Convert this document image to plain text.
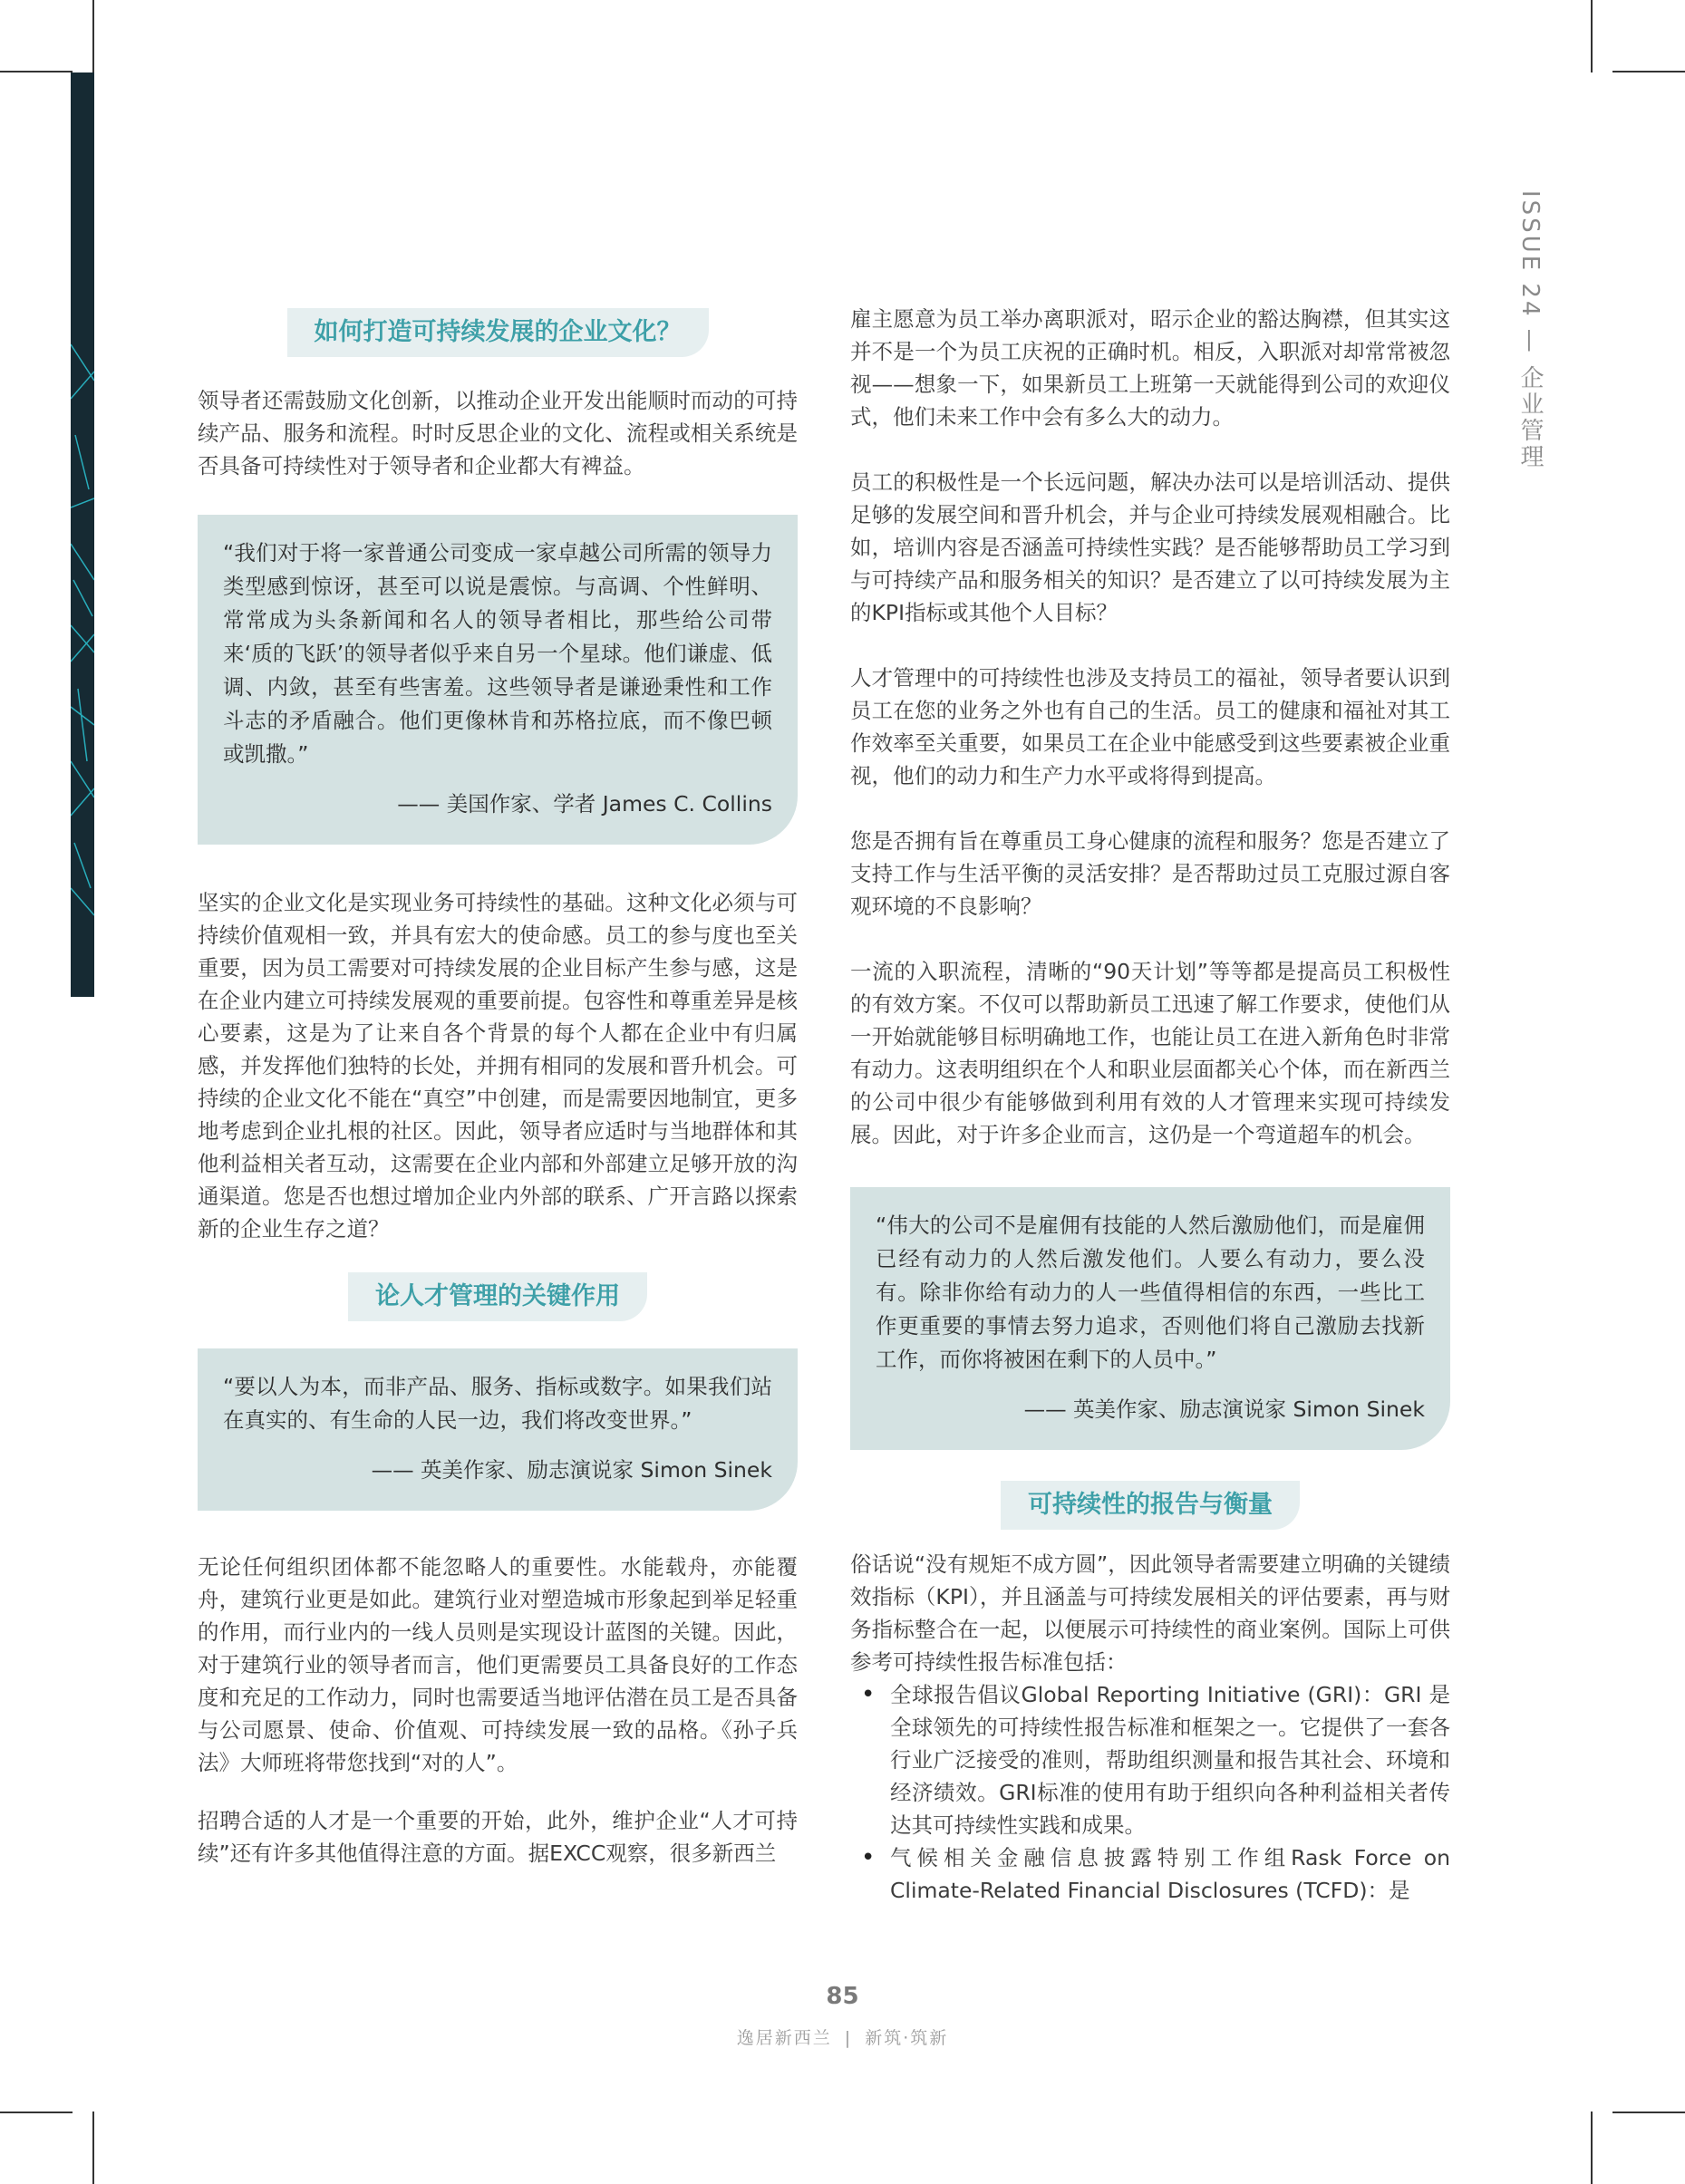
ISSUE 24 — 企业管理
如何打造可持续发展的企业文化？

领导者还需鼓励文化创新，以推动企业开发出能顺时而动的可持续产品、服务和流程。时时反思企业的文化、流程或相关系统是否具备可持续性对于领导者和企业都大有裨益。

“我们对于将一家普通公司变成一家卓越公司所需的领导力类型感到惊讶，甚至可以说是震惊。与高调、个性鲜明、常常成为头条新闻和名人的领导者相比，那些给公司带来‘质的飞跃’的领导者似乎来自另一个星球。他们谦虚、低调、内敛，甚至有些害羞。这些领导者是谦逊秉性和工作斗志的矛盾融合。他们更像林肯和苏格拉底，而不像巴顿或凯撒。”

—— 美国作家、学者 James C. Collins

坚实的企业文化是实现业务可持续性的基础。这种文化必须与可持续价值观相一致，并具有宏大的使命感。员工的参与度也至关重要，因为员工需要对可持续发展的企业目标产生参与感，这是在企业内建立可持续发展观的重要前提。包容性和尊重差异是核心要素，这是为了让来自各个背景的每个人都在企业中有归属感，并发挥他们独特的长处，并拥有相同的发展和晋升机会。可持续的企业文化不能在“真空”中创建，而是需要因地制宜，更多地考虑到企业扎根的社区。因此，领导者应适时与当地群体和其他利益相关者互动，这需要在企业内部和外部建立足够开放的沟通渠道。您是否也想过增加企业内外部的联系、广开言路以探索新的企业生存之道？

论人才管理的关键作用

“要以人为本，而非产品、服务、指标或数字。如果我们站在真实的、有生命的人民一边，我们将改变世界。”

—— 英美作家、励志演说家 Simon Sinek

无论任何组织团体都不能忽略人的重要性。水能载舟，亦能覆舟，建筑行业更是如此。建筑行业对塑造城市形象起到举足轻重的作用，而行业内的一线人员则是实现设计蓝图的关键。因此，对于建筑行业的领导者而言，他们更需要员工具备良好的工作态度和充足的工作动力，同时也需要适当地评估潜在员工是否具备与公司愿景、使命、价值观、可持续发展一致的品格。《孙子兵法》大师班将带您找到“对的人”。

招聘合适的人才是一个重要的开始，此外，维护企业“人才可持续”还有许多其他值得注意的方面。据EXCC观察，很多新西兰

雇主愿意为员工举办离职派对，昭示企业的豁达胸襟，但其实这并不是一个为员工庆祝的正确时机。相反，入职派对却常常被忽视——想象一下，如果新员工上班第一天就能得到公司的欢迎仪式，他们未来工作中会有多么大的动力。

员工的积极性是一个长远问题，解决办法可以是培训活动、提供足够的发展空间和晋升机会，并与企业可持续发展观相融合。比如，培训内容是否涵盖可持续性实践？是否能够帮助员工学习到与可持续产品和服务相关的知识？是否建立了以可持续发展为主的KPI指标或其他个人目标？

人才管理中的可持续性也涉及支持员工的福祉，领导者要认识到员工在您的业务之外也有自己的生活。员工的健康和福祉对其工作效率至关重要，如果员工在企业中能感受到这些要素被企业重视，他们的动力和生产力水平或将得到提高。

您是否拥有旨在尊重员工身心健康的流程和服务？您是否建立了支持工作与生活平衡的灵活安排？是否帮助过员工克服过源自客观环境的不良影响？

一流的入职流程，清晰的“90天计划”等等都是提高员工积极性的有效方案。不仅可以帮助新员工迅速了解工作要求，使他们从一开始就能够目标明确地工作，也能让员工在进入新角色时非常有动力。这表明组织在个人和职业层面都关心个体，而在新西兰的公司中很少有能够做到利用有效的人才管理来实现可持续发展。因此，对于许多企业而言，这仍是一个弯道超车的机会。

“伟大的公司不是雇佣有技能的人然后激励他们，而是雇佣已经有动力的人然后激发他们。人要么有动力，要么没有。除非你给有动力的人一些值得相信的东西，一些比工作更重要的事情去努力追求，否则他们将自己激励去找新工作，而你将被困在剩下的人员中。”

—— 英美作家、励志演说家 Simon Sinek

可持续性的报告与衡量

俗话说“没有规矩不成方圆”，因此领导者需要建立明确的关键绩效指标（KPI），并且涵盖与可持续发展相关的评估要素，再与财务指标整合在一起，以便展示可持续性的商业案例。国际上可供参考可持续性报告标准包括：

• 全球报告倡议Global Reporting Initiative (GRI)：GRI 是全球领先的可持续性报告标准和框架之一。它提供了一套各行业广泛接受的准则，帮助组织测量和报告其社会、环境和经济绩效。GRI标准的使用有助于组织向各种利益相关者传达其可持续性实践和成果。
• 气候相关金融信息披露特别工作组Rask Force on Climate-Related Financial Disclosures (TCFD)：是
85
逸居新西兰 | 新筑·筑新
